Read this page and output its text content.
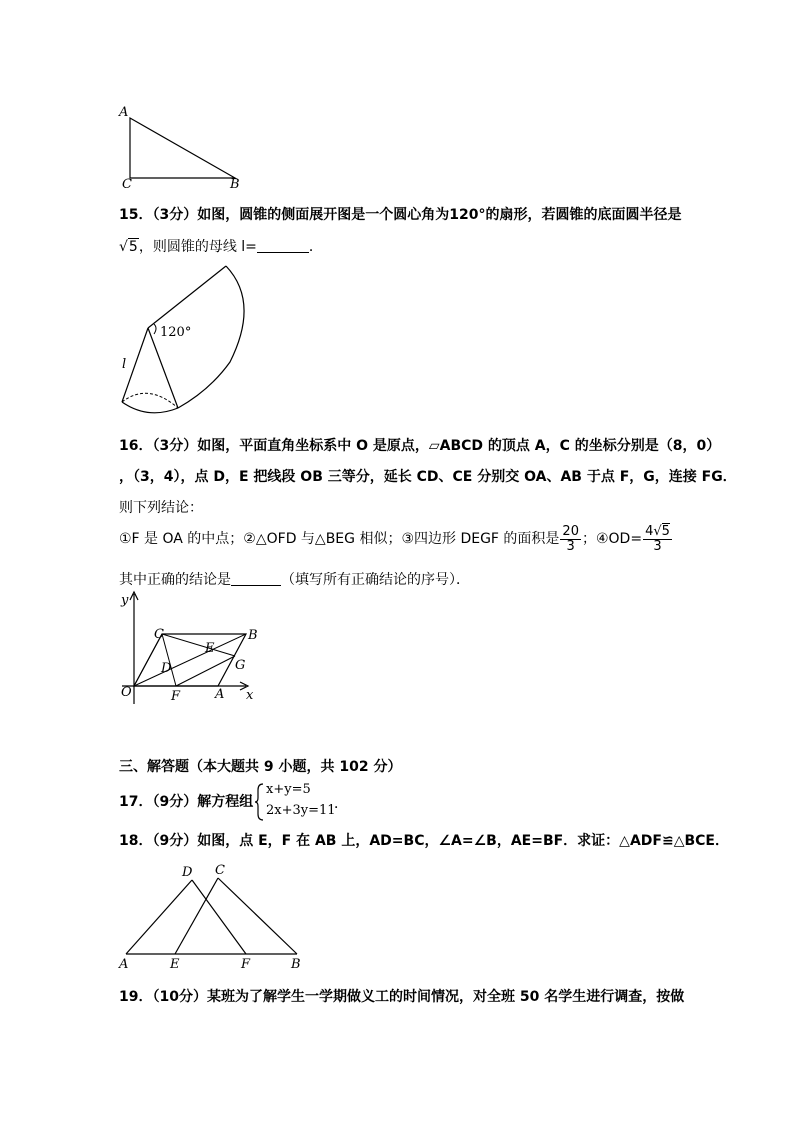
A
C	B
15．（3分）如图，圆锥的侧面展开图是一个圆心角为120°的扇形，若圆锥的底面圆半径是
√5，则圆锥的母线 l=	．
120°
l
16．（3分）如图，平面直角坐标系中 O 是原点，▱ABCD 的顶点 A，C 的坐标分别是（8，0）
，（3，4），点 D，E 把线段 OB 三等分，延长 CD、CE 分别交 OA、AB 于点 F，G，连接 FG．
则下列结论：
①F 是 OA 的中点；②△OFD 与△BEG 相似；③四边形 DEGF 的面积是 $\frac{20}{3}$ ；④OD= $\frac{4√5}{3}$
其中正确的结论是	（填写所有正确结论的序号）．
y
x
O
C	B
E
D	G
F	A
三、解答题（本大题共 9 小题，共 102 分）
17．（9分）解方程组
x+y=5
2x+3y=11
．
18．（9分）如图，点 E，F 在 AB 上，AD=BC，∠A=∠B，AE=BF．求证：△ADF≌△BCE．
D C
A	E	F	B
19．（10分）某班为了解学生一学期做义工的时间情况，对全班 50 名学生进行调查，按做
